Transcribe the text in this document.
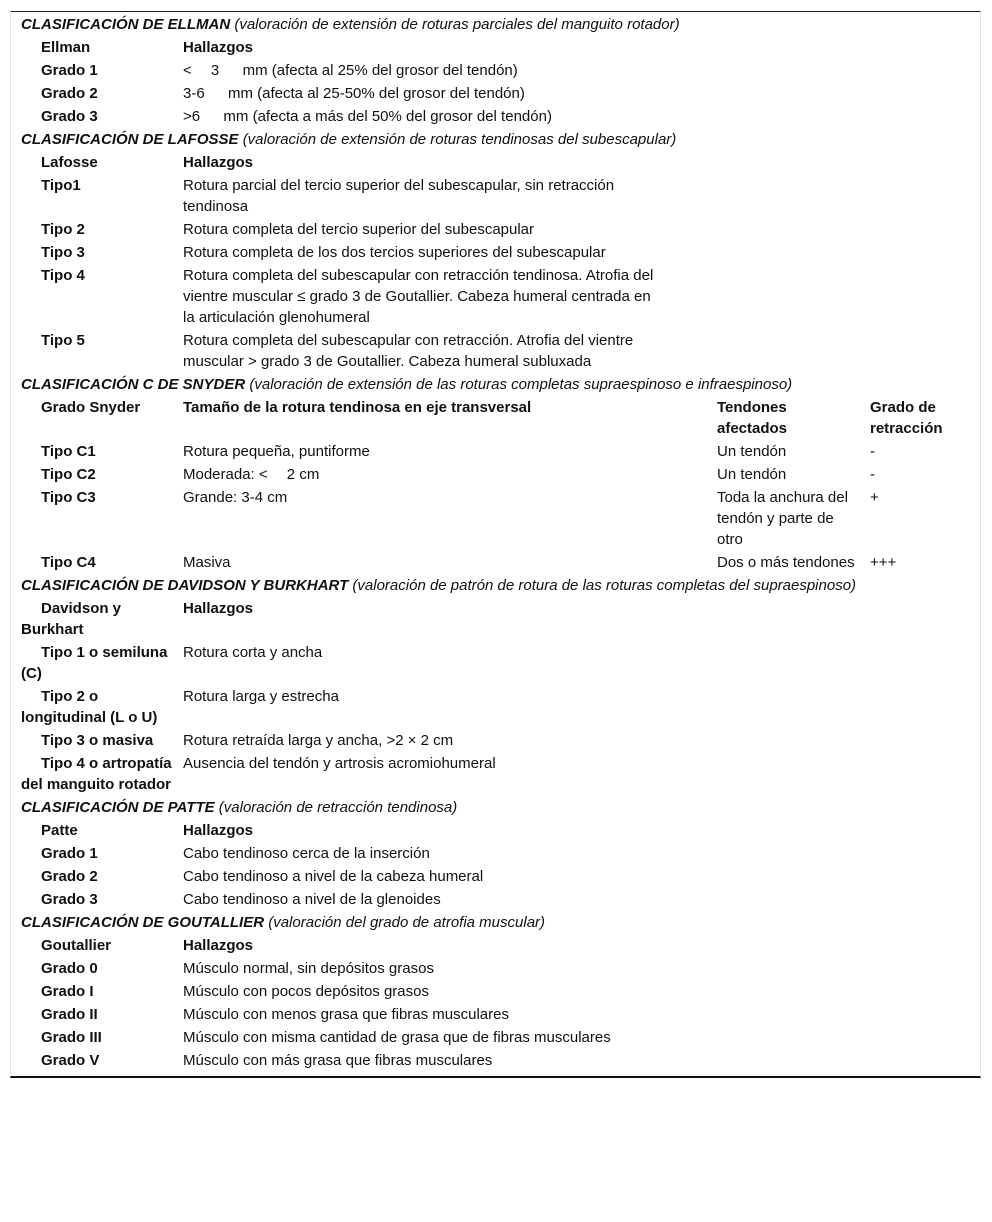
CLASIFICACIÓN DE ELLMAN (valoración de extensión de roturas parciales del manguito rotador)			
Ellman	Hallazgos		
Grado 1	<  3   mm (afecta al 25% del grosor del tendón)		
Grado 2	3-6   mm (afecta al 25-50% del grosor del tendón)		
Grado 3	˃6   mm (afecta a más del 50% del grosor del tendón)		
CLASIFICACIÓN DE LAFOSSE (valoración de extensión de roturas tendinosas del subescapular)			
Lafosse	Hallazgos		
Tipo1	Rotura parcial del tercio superior del subescapular, sin retracción tendinosa		

Tipo 2	Rotura completa del tercio superior del subescapular		

Tipo 3	Rotura completa de los dos tercios superiores del subescapular		

Tipo 4	Rotura completa del subescapular con retracción tendinosa. Atrofia del vientre muscular ≤ grado 3 de Goutallier. Cabeza humeral centrada en la articulación glenohumeral		

Tipo 5	Rotura completa del subescapular con retracción. Atrofia del vientre muscular ˃ grado 3 de Goutallier. Cabeza humeral subluxada		

CLASIFICACIÓN C DE SNYDER (valoración de extensión de las roturas completas supraespinoso e infraespinoso)			
Grado Snyder	Tamaño de la rotura tendinosa en eje transversal	Tendones afectados	Grado de retracción
Tipo C1	Rotura pequeña, puntiforme	Un tendón	-
Tipo C2	Moderada: <  2 cm	Un tendón	-
Tipo C3	Grande: 3-4 cm	Toda la anchura del tendón y parte de otro	+
Tipo C4	Masiva	Dos o más tendones	+++
CLASIFICACIÓN DE DAVIDSON Y BURKHART (valoración de patrón de rotura de las roturas completas del supraespinoso)			
Davidson y Burkhart	Hallazgos		
Tipo 1 o semiluna (C)	Rotura corta y ancha		
Tipo 2 o longitudinal (L o U)	Rotura larga y estrecha		
Tipo 3 o masiva	Rotura retraída larga y ancha, ˃2 × 2 cm		
Tipo 4 o artropatía del manguito rotador	Ausencia del tendón y artrosis acromiohumeral		
CLASIFICACIÓN DE PATTE (valoración de retracción tendinosa)			
Patte	Hallazgos		
Grado 1	Cabo tendinoso cerca de la inserción		
Grado 2	Cabo tendinoso a nivel de la cabeza humeral		
Grado 3	Cabo tendinoso a nivel de la glenoides		
CLASIFICACIÓN DE GOUTALLIER (valoración del grado de atrofia muscular)			
Goutallier	Hallazgos		
Grado 0	Músculo normal, sin depósitos grasos		
Grado I	Músculo con pocos depósitos grasos		
Grado II	Músculo con menos grasa que fibras musculares		
Grado III	Músculo con misma cantidad de grasa que de fibras musculares		
Grado V	Músculo con más grasa que fibras musculares		
